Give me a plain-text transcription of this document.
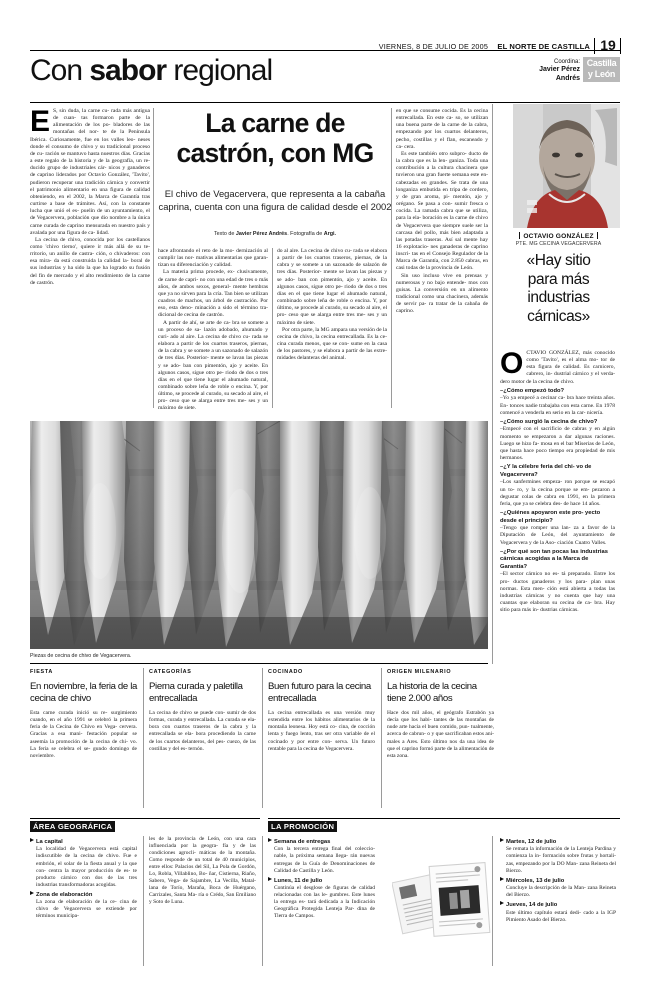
VIERNES, 8 DE JULIO DE 2005 EL NORTE DE CASTILLA 19
Con sabor regional	Coordina:
Javier Pérez
Andrés
Castilla
y León
La carne de
castrón, con MG
El chivo de Vegacervera, que representa a la cabaña caprina, cuenta con una figura de calidad desde el 2002
Texto de Javier Pérez Andrés. Fotografía de Argi.

E S, sin duda, la carne cu- rada más antigua de cuan- tas formaron parte de la alimentación de los po- bladores de las montañas del nor- te de la Península Ibérica. Curiosamente, fue en los valles leo- neses donde el consumo de chivo y su tradicional proceso de cu- ración se mantuvo hasta nuestros días. Gracias a este regalo de la historia y de la geografía, un re- ducido grupo de industriales cár- nicos y ganaderos de caprino liderados por Octavio González, 'Tavito', pudieron recuperar una tradición cárnica y convertir el patrimonio alimentario en una figura de calidad obteniendo, en el 2002, la Marca de Garantía tras curtirse a base de trámites. Así, con la constante lucha que unió el es- puelín de un ayuntamiento, el de Vegacervera, población que dio nombre a la única carne curada de caprino mensurada en nuestro país y avalada por una figura de ca- lidad.

La cecina de chivo, conocida por los castellanos como 'chivo tierno', quiere ir más allá de su te- rritorio, un anillo de castra- ción, o chivaderos: con esa mira- da está construida la calidad la- boral de sus industrias y ha sido la que ha logrado su fusión del fin de mercado y el alto rendimiento de la carne de castrón.

hace afrontando el reto de la mo- dernización al cumplir las nor- mativas alimentarias que garan- tizan su diferenciación y calidad.

La materia prima procede, ex- clusivamente, de carne de capri- no con una edad de tres o más años, de ambos sexos, general- mente hembras que ya no sirven para la cría. Tan bien se utilizan cuadros de machos, un árbol de castración. Por eso, esta deno- minación a sido el término tra- dicional de cecina de castrón.

A partir de ahí, se arte de ca- bra se somete a un proceso de sa- lazón adobado, ahumado y curi- ado al aire. La cecina de chivo cu- rada se elabora a partir de los cuartos traseros, piernas, de la cabra y se somete a un sazonado de salazón de tres días. Posterior- mente se lavan las piezas y se ado- ban con pimentón, ajo y aceite. En algunos casos, sigue otro pe- riodo de dos o tres días en el que tiene lugar el ahumado natural, combinado sobre leña de roble o encina. Y, por último, se procede al curado, su secado al aire, el pro- ceso que se alarga entre tres me- ses y un máximo de siete.

do al aire. La cecina de chivo cu- rada se elabora a partir de los cuartos traseros, piernas, de la cabra y se somete a un sazonado de salazón de tres días. Posterior- mente se lavan las piezas y se ado- ban con pimentón, ajo y aceite. En algunos casos, sigue otro pe- riodo de dos o tres días en el que tiene lugar el ahumado natural, combinado sobre leña de roble o encina. Y, por último, se procede al curado, su secado al aire, el pro- ceso que se alarga entre tres me- ses y un máximo de siete.

Por otra parte, la MG ampara una versión de la cecina de chivo, la cecina entrecallada. Es la ce- cina curada menos, que se con- sume en la casa de los pastores, y se elabora a partir de las extre- midades delanteras del animal.

en que se consume cocida. Es la cecina entrecallada. En este ca- so, se utilizan una buena parte de la carne de la cabra, empezando por los cuartos delanteros, pecho, costillas y el flan, escaneado y ca- cera.

Es este también otro subpro- ducto de la cabra que es la len- ganiza. Toda una contribución a la cultura chacinera que tuvieron una gran fuerte semana este en- cabezadas en grandes. Se trata de una longaniza embutida en tripa de cordero, y de gran aroma, pi- mentón, ajo y orégano. Se pasa a con- sumir fresca o cocida. La ramada cabra que se utiliza, para la ela- boración es la carne de chivo de Vegacervera que siempre suele ser la carcasa del pollo, más bien adaptada a las potadas traseras. Así sal mente hay 16 explotacio- nes ganaderas de caprino inscri- tas en el Consejo Regulador de la Marca de Garantía, con 2.850 cabras, en casi todas de la provincia de León.

Sin uso incluso vive en prensas y numerosas y no bajo entende- mos con guisas. La conversión en un alimento tradicional como una chacinera, además de servir pa- ra tratar de la cabaña de caprino.

Piezas de cecina de chivo de Vegacervera.
OCTAVIO GONZÁLEZ
PTE. MG CECINA VEGACERVERA
«Hay sitio
para más
industrias
cárnicas»

OCTAVIO GONZÁLEZ, más conocido como 'Tavito', es el alma mo- tor de esta figura de calidad. Es carnicero, cabrero, in- dustrial cárnico y el verda- dero motor de la cecina de chivo.

–¿Cómo empezó todo?

–Yo ya empecé a cecinar ca- bra hace treinta años. En- tonces nadie trabajaba con esta carne. En 1978 comencé a venderla en serio en la car- nicería.

–¿Cómo surgió la cecina de chivo?

–Empecé con el sacrificio de cabras y en algún momento se empezaron a dar algunas raciones. Luego se hizo fa- mosa en el bar Miserias de León, que hasta hace poco tiempo era propiedad de mis hermanos.

–¿Y la célebre feria del chi- vo de Vegacervera?

–Los sanfermines empeza- ron porque se escapó un to- ro, y la cecina porque se em- pezaron a degustar colas de cabra en 1991, en la primera feria, que ya se celebra des- de hace 14 años.

–¿Quiénes apoyaron este pro- yecto desde el principio?

–Tengo que romper una lan- za a favor de la Diputación de León, del ayuntamiento de Vegacervera y de la Aso- ciación Cuatro Valles.

–¿Por qué son tan pocas las industrias cárnicas acogidas a la Marca de Garantía?

–El sector cárnico no es- tá preparado. Entre los pro- ductos ganaderos y los para- plan unas normas. Esta men- ción está abierta a todas las industrias cárnicas y no cuenta que hay una cuantas que elaboran su cecina de ca- bra. Hay sitio para más in- dustrias cárnicas.

FIESTA
En noviembre, la feria de la cecina de chivo

Esta carne curada inició su re- surgimiento cuando, en el año 1991 se celebró la primera feria de la Cecina de Chivo en Vega- cervera. Gracias a esa mani- festación popular se aseemía la promoción de la cecina de chi- vo. La feria se celebra el se- gundo domingo de noviembre.

CATEGORÍAS
Pierna curada y paletilla entrecallada

La cecina de chivo se puede con- sumir de dos formas, curada y entrecallada. La curada se ela- bora con cuartos traseros de la cabra y la entrecallada se ela- bora procediendo la carne de los cuartos delanteros, del pes- cuezo, de las costillas y del es- ternón.

COCINADO
Buen futuro para la cecina entrecallada

La cecina entrecallada es una versión muy extendida entre los hábitos alimentarios de la montaña leonesa. Hoy está co- cina, de cocción lenta y fuego lento, tras ser otra variable de el cocinado y por entre con- serva. Un futuro rentable para la cecina de Vegacervera.

ORIGEN MILENARIO
La historia de la cecina tiene 2.000 años

Hace dos mil años, el geógrafo Estrabón ya decía que los habi- tantes de las montañas de nude arte hacia el buen comido, pun- tualmente, acerca de cabrun- o y que sacrificaban estos ani- males a Ares. Esto último nos da una idea de que el caprino formó parte de la alimentación de esta zona.

ÁREA GEOGRÁFICA	LA PROMOCIÓN
La capital

La localidad de Vegacervera está capital indiscutible de la cecina de chivo. Fue e embrión, el solar de la fiesta anual y la que con- centra la mayor producción de es- te producto cárnico con dos de las tres industrias transformadoras acogidas.

Zona de elaboración

La zona de elaboración de la ce- cina de chivo de Vegacervera se extiende por términos municipa-

les de la provincia de León, con una cara influenciada por la geogra- fía y de las condiciones agrocli- máticas de la montaña. Como responde de un total de 40 municipios, entre ellos: Palacios del Sil, La Pola de Gordón, Lo, Robla, Villablino, Bo- ñar, Cistierna, Riaño, Sabero, Vega- de Sajambre, La Vecilla, Matal- lana de Torío, Maraña, Boca de Huérgano, Carrizales, Santa Ma- ría o Crédo, San Emiliano y Soto de Luna.

Semana de entregas

Con la tercera entrega final del coleccio- nable, la próxima semana llega- rán nuevas entregas de la Guía de Denominaciones de Calidad de Castilla y León.

Lunes, 11 de julio

Continúa el desglose de figuras de calidad relacionadas con las le- gumbres. Este lunes la entrega es- tará dedicada a la Indicación Geográfica Protegida Lenteja Par- dina de Tierra de Campos.

Martes, 12 de julio

Se remata la información de la Lenteja Pardina y comienza la in- formación sobre frutas y hortali- zas, empezando por la DO Man- zana Reineta del Bierzo.

Miércoles, 13 de julio

Concluye la descripción de la Man- zana Reineta del Bierzo.

Jueves, 14 de julio

Este último capítulo estará dedi- cado a la IGP Pimiento Asado del Bierzo.
